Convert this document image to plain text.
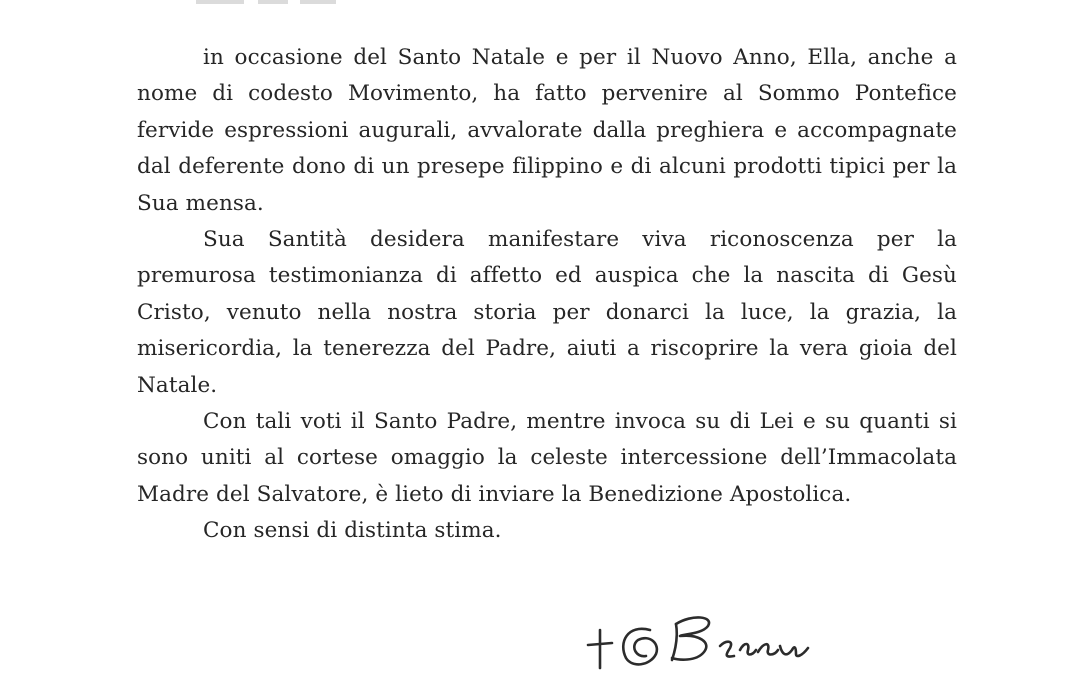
in occasione del Santo Natale e per il Nuovo Anno, Ella, anche a nome di codesto Movimento, ha fatto pervenire al Sommo Pontefice fervide espressioni augurali, avvalorate dalla preghiera e accompagnate dal deferente dono di un presepe filippino e di alcuni prodotti tipici per la Sua mensa.

Sua Santità desidera manifestare viva riconoscenza per la premurosa testimonianza di affetto ed auspica che la nascita di Gesù Cristo, venuto nella nostra storia per donarci la luce, la grazia, la misericordia, la tenerezza del Padre, aiuti a riscoprire la vera gioia del Natale.

Con tali voti il Santo Padre, mentre invoca su di Lei e su quanti si sono uniti al cortese omaggio la celeste intercessione dell’Immacolata Madre del Salvatore, è lieto di inviare la Benedizione Apostolica.

Con sensi di distinta stima.

+ Becciu
